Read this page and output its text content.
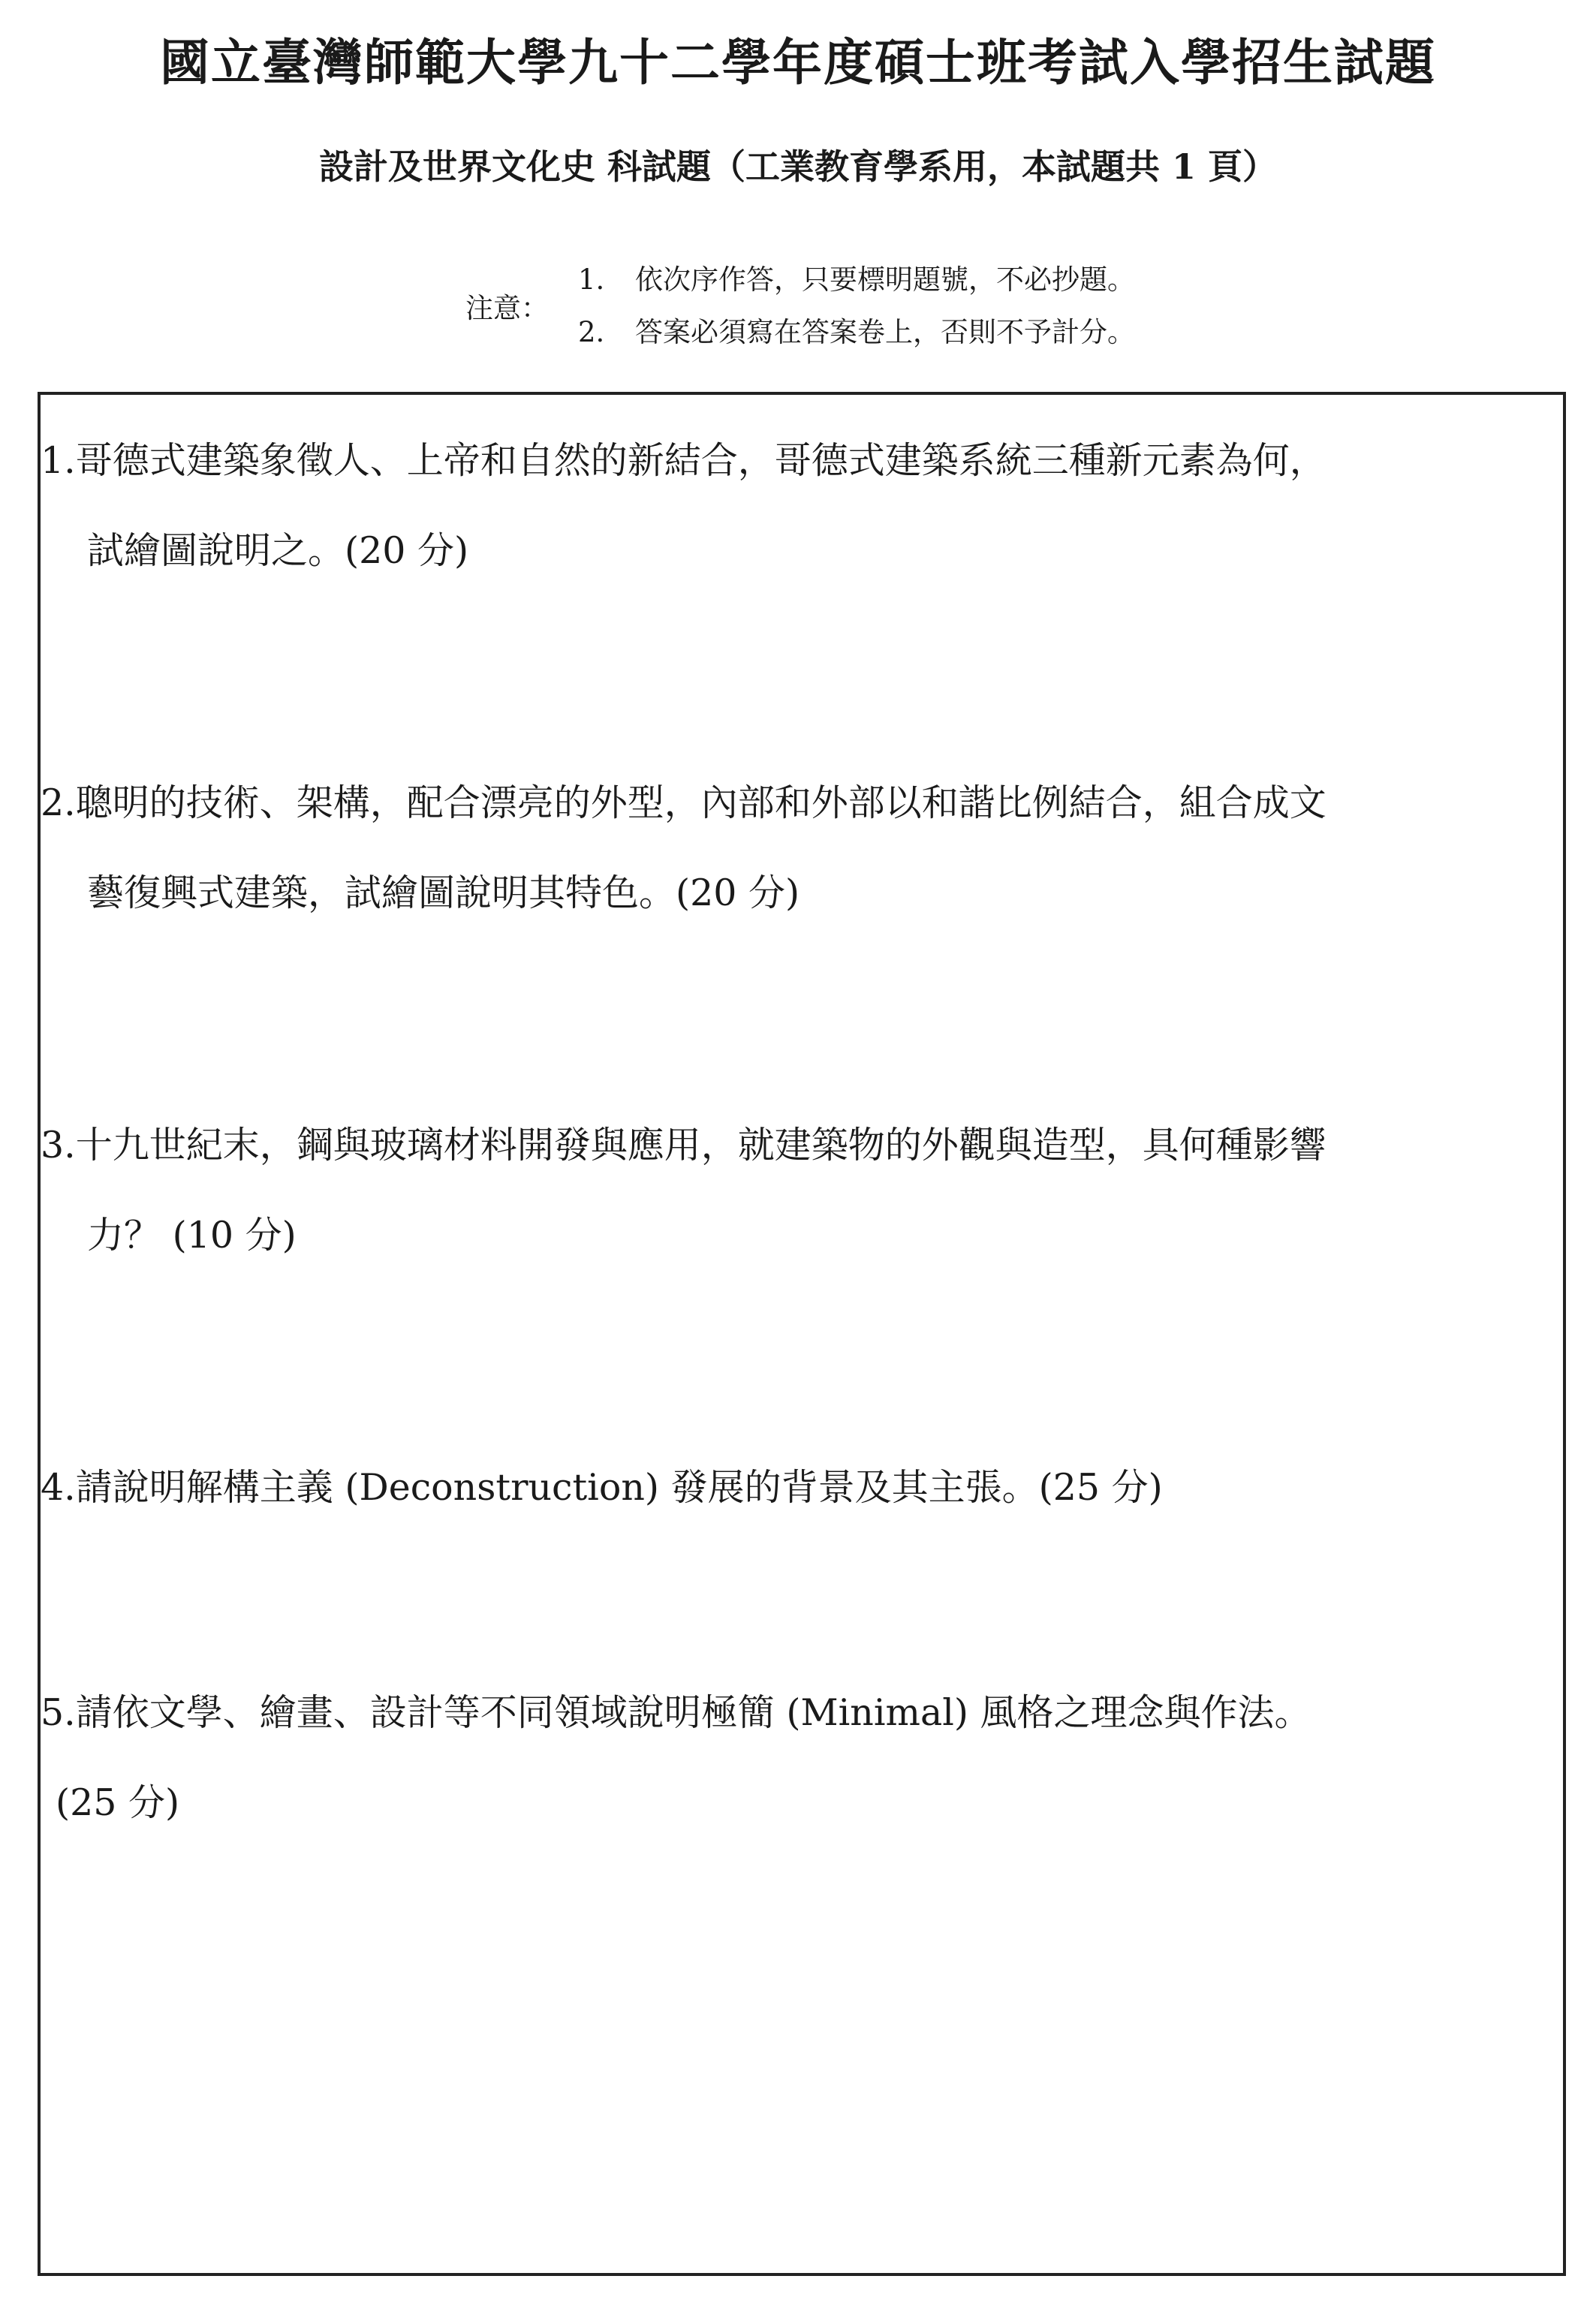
國立臺灣師範大學九十二學年度碩士班考試入學招生試題
設計及世界文化史 科試題（工業教育學系用，本試題共 1 頁）
注意：
1. 依次序作答，只要標明題號，不必抄題。
2. 答案必須寫在答案卷上，否則不予計分。
1.哥德式建築象徵人、上帝和自然的新結合，哥德式建築系統三種新元素為何，
試繪圖說明之。(20 分)
2.聰明的技術、架構，配合漂亮的外型，內部和外部以和諧比例結合，組合成文
藝復興式建築，試繪圖說明其特色。(20 分)
3.十九世紀末，鋼與玻璃材料開發與應用，就建築物的外觀與造型，具何種影響
力？ (10 分)
4.請說明解構主義 (Deconstruction) 發展的背景及其主張。(25 分)
5.請依文學、繪畫、設計等不同領域說明極簡 (Minimal) 風格之理念與作法。
(25 分)
